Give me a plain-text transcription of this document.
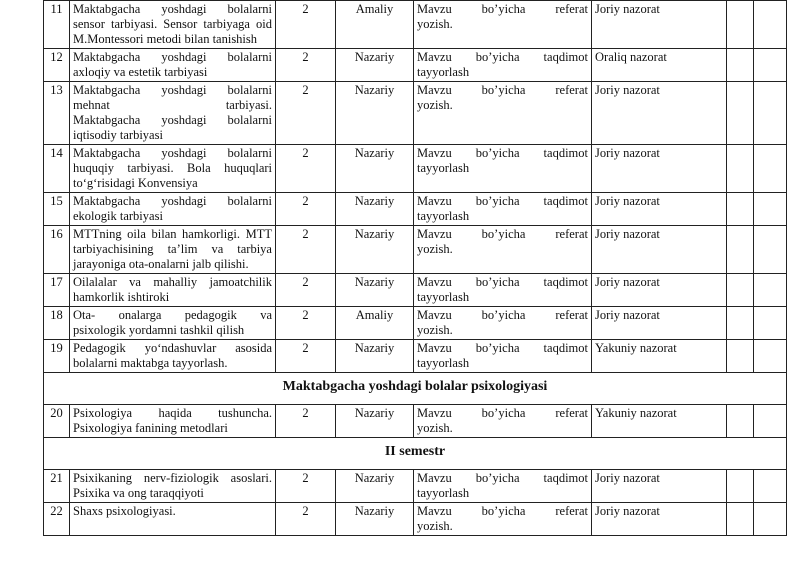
11	Maktabgacha yoshdagi bolalarni
sensor tarbiyasi. Sensor tarbiyaga oid
M.Montessori metodi bilan tanishish	2	Amaliy	Mavzu bo’yicha referat
yozish.	Joriy nazorat		
12	Maktabgacha yoshdagi bolalarni
axloqiy va estetik tarbiyasi	2	Nazariy	Mavzu bo’yicha taqdimot
tayyorlash	Oraliq nazorat		
13	Maktabgacha yoshdagi bolalarni
mehnat tarbiyasi.
Maktabgacha yoshdagi bolalarni
iqtisodiy tarbiyasi	2	Nazariy	Mavzu bo’yicha referat
yozish.	Joriy nazorat		
14	Maktabgacha yoshdagi bolalarni
huquqiy tarbiyasi. Bola huquqlari
to‘g‘risidagi Konvensiya	2	Nazariy	Mavzu bo’yicha taqdimot
tayyorlash	Joriy nazorat		
15	Maktabgacha yoshdagi bolalarni
ekologik tarbiyasi	2	Nazariy	Mavzu bo’yicha taqdimot
tayyorlash	Joriy nazorat		
16	MTTning oila bilan hamkorligi. MTT
tarbiyachisining ta’lim va tarbiya
jarayoniga ota-onalarni jalb qilishi.	2	Nazariy	Mavzu bo’yicha referat
yozish.	Joriy nazorat		
17	Oilalalar va mahalliy jamoatchilik
hamkorlik ishtiroki	2	Nazariy	Mavzu bo’yicha taqdimot
tayyorlash	Joriy nazorat		
18	Ota- onalarga pedagogik va
psixologik yordamni tashkil qilish	2	Amaliy	Mavzu bo’yicha referat
yozish.	Joriy nazorat		
19	Pedagogik yo‘ndashuvlar asosida
bolalarni maktabga tayyorlash.	2	Nazariy	Mavzu bo’yicha taqdimot
tayyorlash	Yakuniy nazorat		
Maktabgacha yoshdagi bolalar psixologiyasi							
20	Psixologiya haqida tushuncha.
Psixologiya fanining metodlari	2	Nazariy	Mavzu bo’yicha referat
yozish.	Yakuniy nazorat		
II semestr							
21	Psixikaning nerv-fiziologik asoslari.
Psixika va ong taraqqiyoti	2	Nazariy	Mavzu bo’yicha taqdimot
tayyorlash	Joriy nazorat		
22	Shaxs psixologiyasi.	2	Nazariy	Mavzu bo’yicha referat
yozish.	Joriy nazorat		
